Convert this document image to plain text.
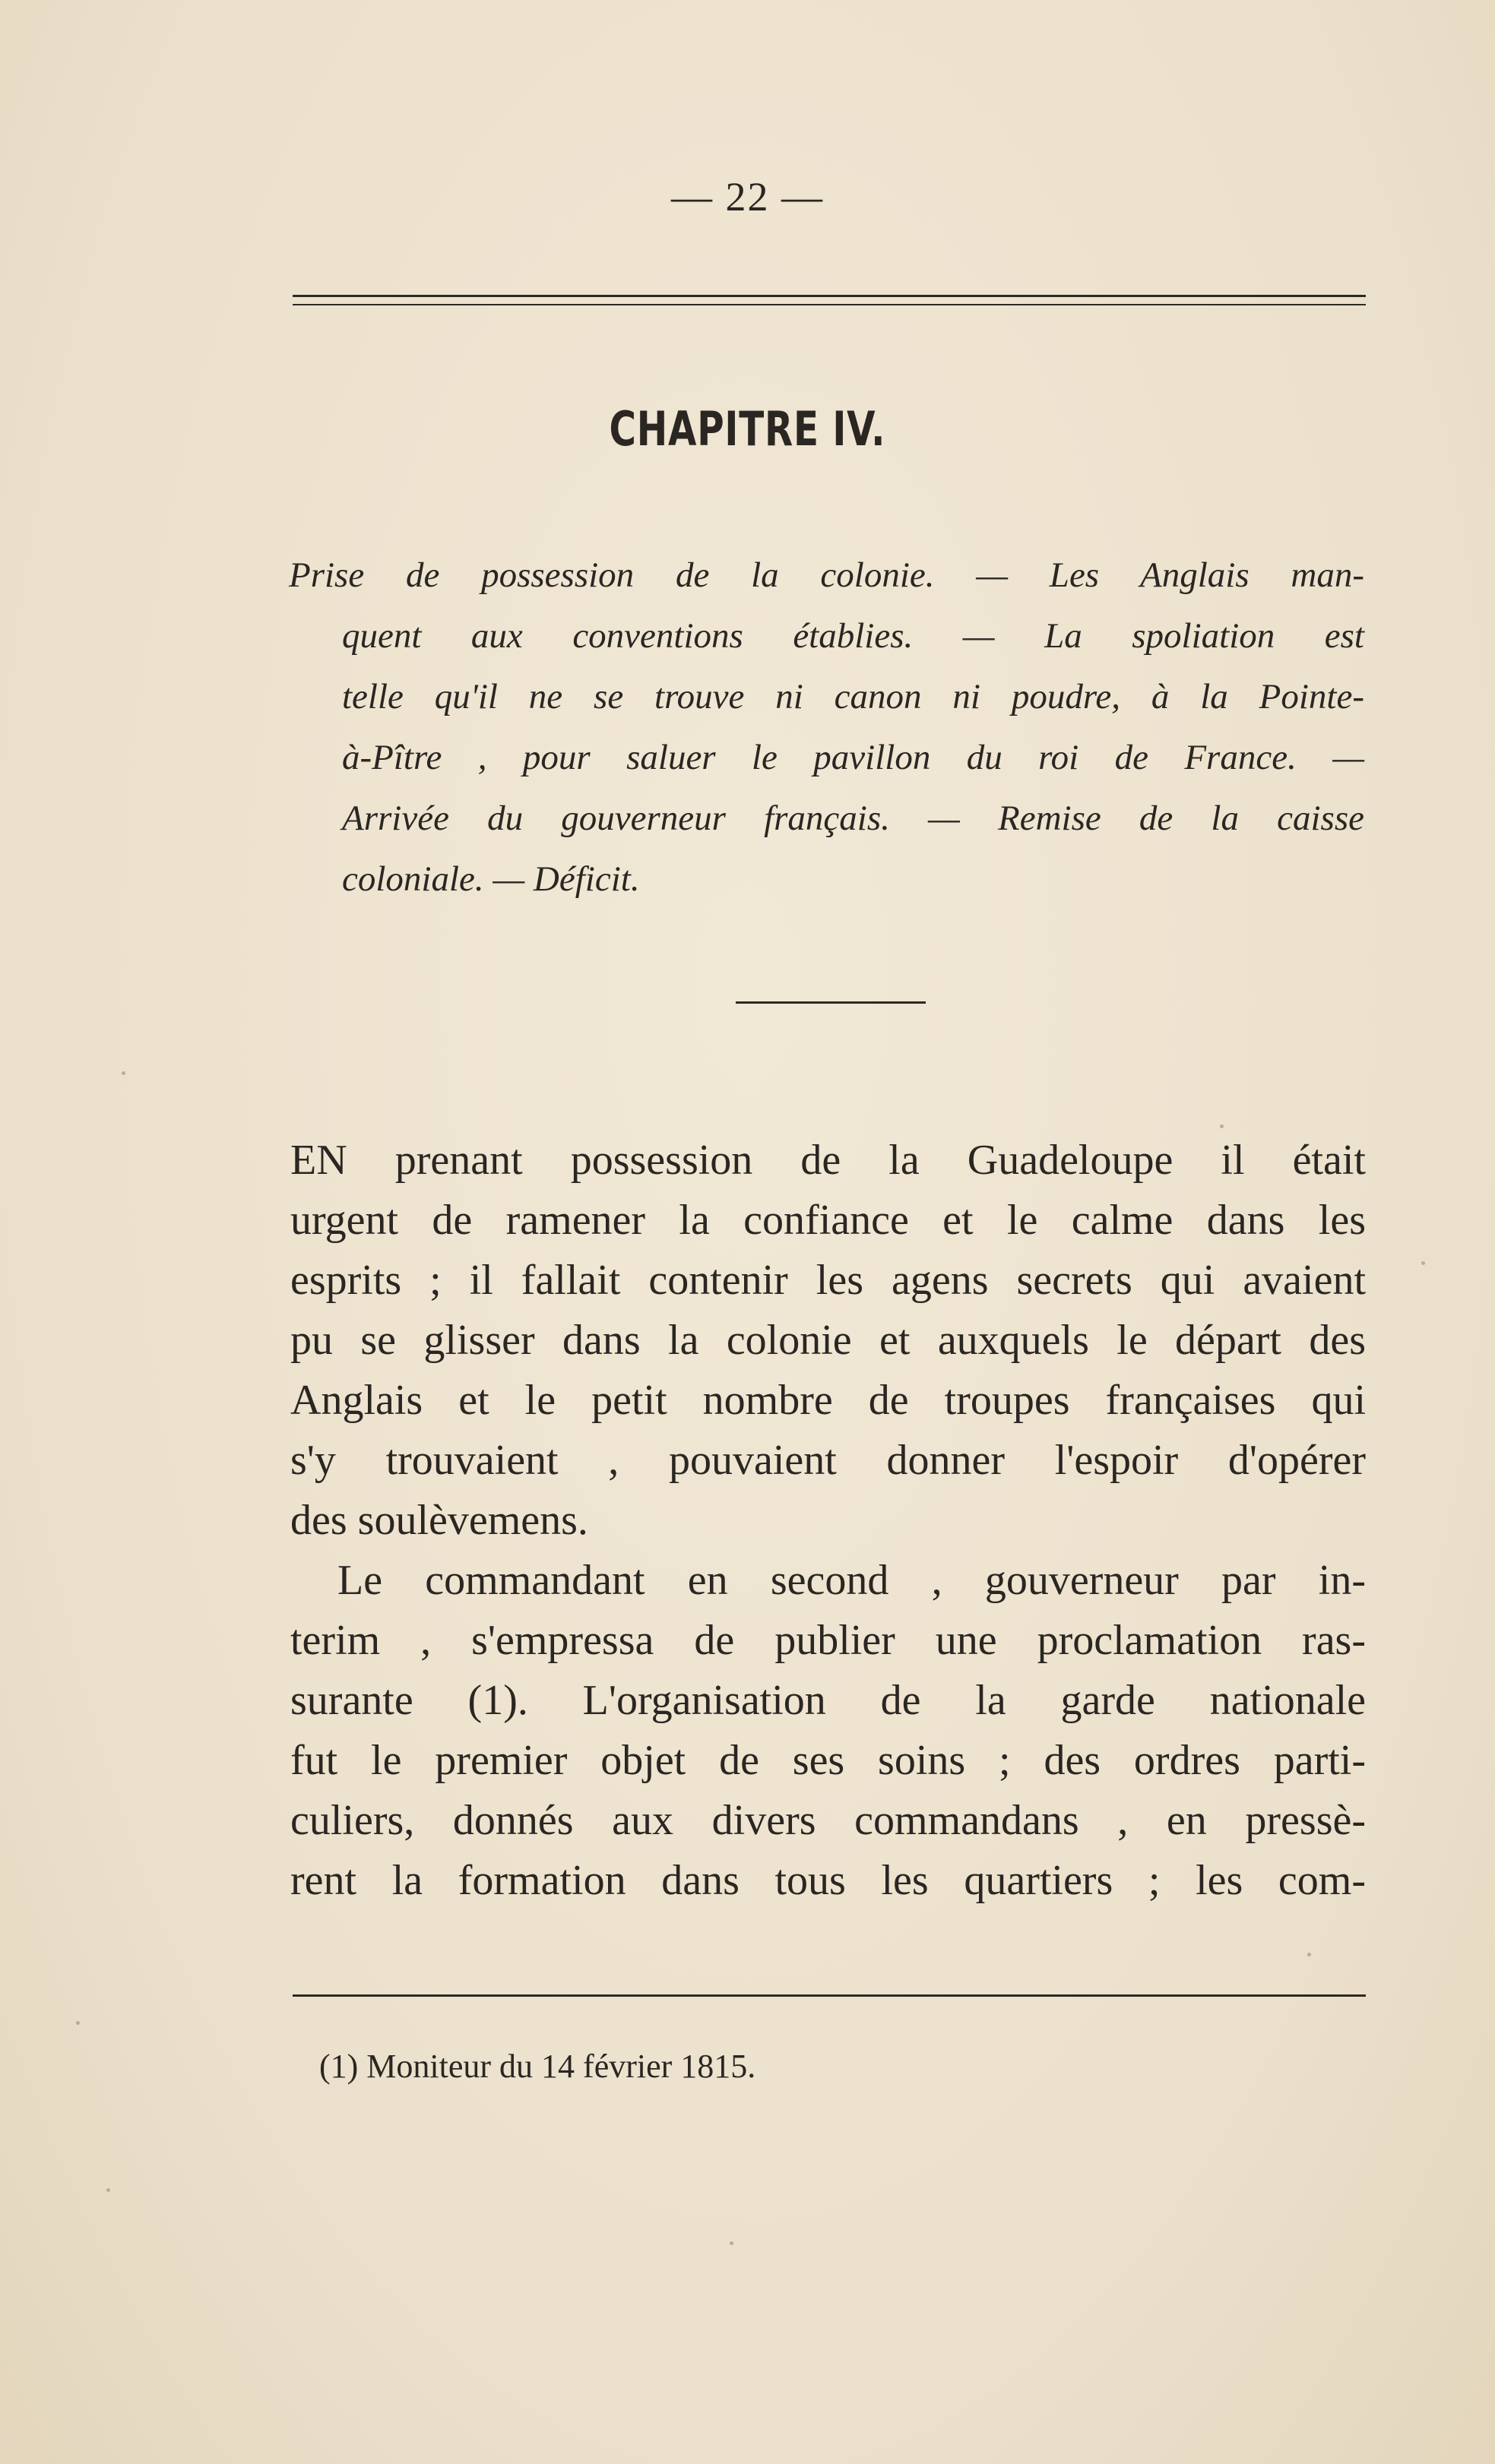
— 22 —
CHAPITRE IV.

Prise de possession de la colonie. — Les Anglais man-
quent aux conventions établies. — La spoliation est
telle qu'il ne se trouve ni canon ni poudre, à la Pointe-
à-Pître , pour saluer le pavillon du roi de France. —
Arrivée du gouverneur français. — Remise de la caisse
coloniale. — Déficit.

EN prenant possession de la Guadeloupe il était
urgent de ramener la confiance et le calme dans les
esprits ; il fallait contenir les agens secrets qui avaient
pu se glisser dans la colonie et auxquels le départ des
Anglais et le petit nombre de troupes françaises qui
s'y trouvaient , pouvaient donner l'espoir d'opérer
des soulèvemens.
Le commandant en second , gouverneur par in-
terim , s'empressa de publier une proclamation ras-
surante (1). L'organisation de la garde nationale
fut le premier objet de ses soins ; des ordres parti-
culiers, donnés aux divers commandans , en pressè-
rent la formation dans tous les quartiers ; les com-

(1) Moniteur du 14 février 1815.
